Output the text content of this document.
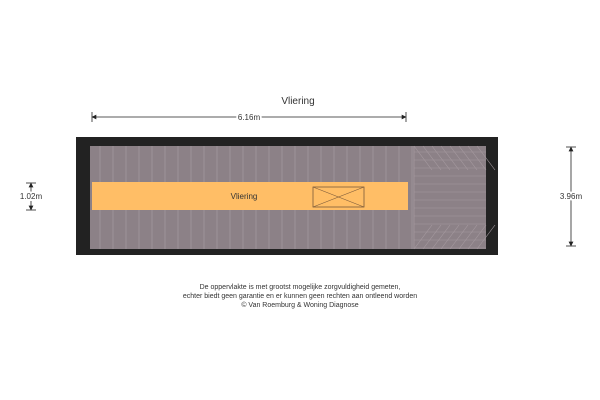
Vliering
6.16m
Vliering
1.02m	3.96m
De oppervlakte is met grootst mogelijke zorgvuldigheid gemeten,
echter biedt geen garantie en er kunnen geen rechten aan ontleend worden
© Van Roemburg & Woning Diagnose
